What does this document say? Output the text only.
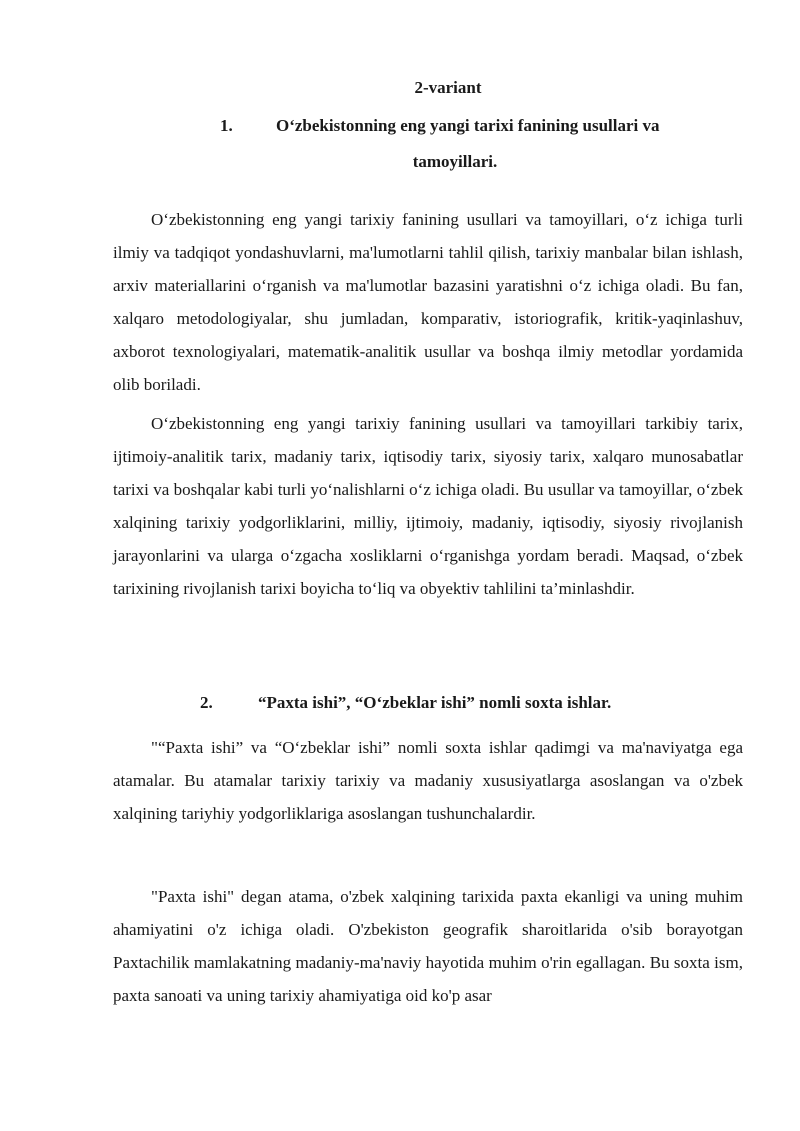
2-variant
1.	O‘zbekistonning eng yangi tarixi fanining usullari va
tamoyillari.

O‘zbekistonning eng yangi tarixiy fanining usullari va tamoyillari, o‘z ichiga turli ilmiy va tadqiqot yondashuvlarni, ma'lumotlarni tahlil qilish, tarixiy manbalar bilan ishlash, arxiv materiallarini o‘rganish va ma'lumotlar bazasini yaratishni o‘z ichiga oladi. Bu fan, xalqaro metodologiyalar, shu jumladan, komparativ, istoriografik, kritik-yaqinlashuv, axborot texnologiyalari, matematik-analitik usullar va boshqa ilmiy metodlar yordamida olib boriladi.

O‘zbekistonning eng yangi tarixiy fanining usullari va tamoyillari tarkibiy tarix, ijtimoiy-analitik tarix, madaniy tarix, iqtisodiy tarix, siyosiy tarix, xalqaro munosabatlar tarixi va boshqalar kabi turli yo‘nalishlarni o‘z ichiga oladi. Bu usullar va tamoyillar, o‘zbek xalqining tarixiy yodgorliklarini, milliy, ijtimoiy, madaniy, iqtisodiy, siyosiy rivojlanish jarayonlarini va ularga o‘zgacha xosliklarni o‘rganishga yordam beradi. Maqsad, o‘zbek tarixining rivojlanish tarixi boyicha to‘liq va obyektiv tahlilini ta’minlashdir.

2.	“Paxta ishi”, “O‘zbeklar ishi” nomli soxta ishlar.

"“Paxta ishi” va “O‘zbeklar ishi” nomli soxta ishlar qadimgi va ma'naviyatga ega atamalar. Bu atamalar tarixiy tarixiy va madaniy xususiyatlarga asoslangan va o'zbek xalqining tariyhiy yodgorliklariga asoslangan tushunchalardir.

"Paxta ishi" degan atama, o'zbek xalqining tarixida paxta ekanligi va uning muhim ahamiyatini o'z ichiga oladi. O'zbekiston geografik sharoitlarida o'sib borayotgan Paxtachilik mamlakatning madaniy-ma'naviy hayotida muhim o'rin egallagan. Bu soxta ism, paxta sanoati va uning tarixiy ahamiyatiga oid ko'p asar
